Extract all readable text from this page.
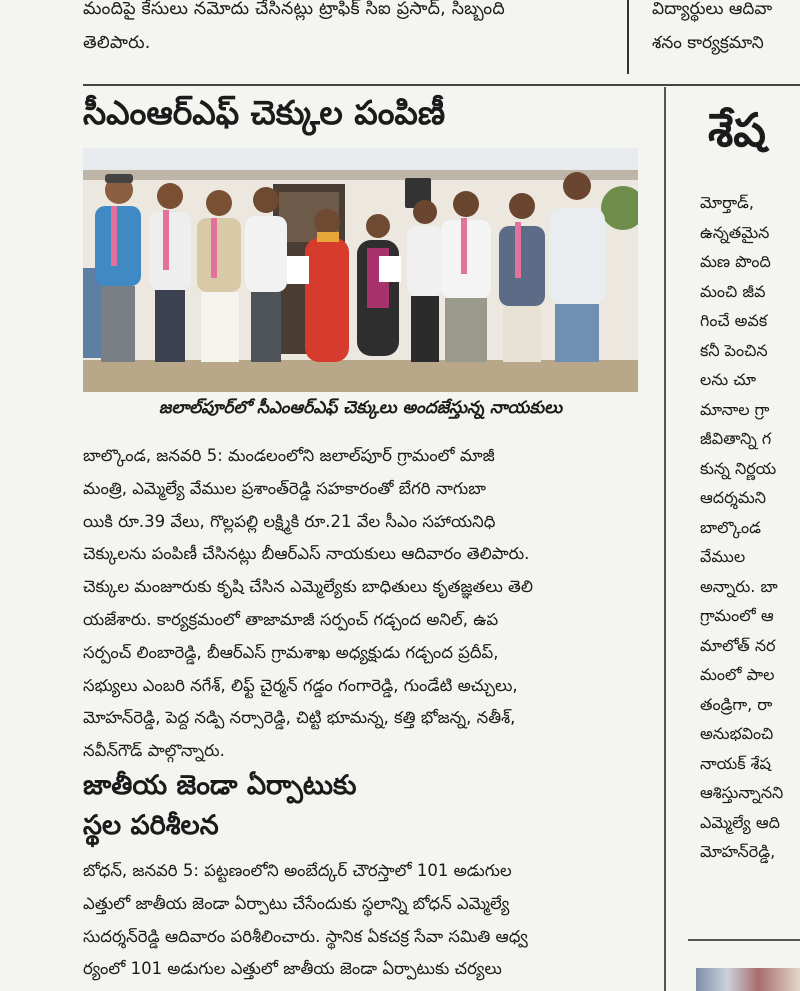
మందిపై కేసులు నమోదు చేసినట్లు ట్రాఫిక్ సిఐ ప్రసాద్, సిబ్బంది
తెలిపారు.
విద్యార్థులు ఆదివా
శనం కార్యక్రమాని
సీఎంఆర్ఎఫ్ చెక్కుల పంపిణీ
జలాల్‌పూర్‌లో సీఎంఆర్ఎఫ్ చెక్కులు అందజేస్తున్న నాయకులు
బాల్కొండ, జనవరి 5: మండలంలోని జలాల్‌పూర్ గ్రామంలో మాజీ
మంత్రి, ఎమ్మెల్యే వేముల ప్రశాంత్‌రెడ్డి సహకారంతో బేగరి నాగుబా
యికి రూ.39 వేలు, గొల్లపల్లి లక్ష్మికి రూ.21 వేల సీఎం సహాయనిధి
చెక్కులను పంపిణీ చేసినట్లు బీఆర్ఎస్ నాయకులు ఆదివారం తెలిపారు.
చెక్కుల మంజూరుకు కృషి చేసిన ఎమ్మెల్యేకు బాధితులు కృతజ్ఞతలు తెలి
యజేశారు. కార్యక్రమంలో తాజామాజీ సర్పంచ్ గడ్చంద అనిల్, ఉప
సర్పంచ్ లింబారెడ్డి, బీఆర్ఎస్ గ్రామశాఖ అధ్యక్షుడు గడ్చంద ప్రదీప్,
సభ్యులు ఎంబరి నగేశ్, లిఫ్ట్ చైర్మన్ గడ్డం గంగారెడ్డి, గుండేటి అచ్చులు,
మోహన్‌రెడ్డి, పెద్ద నడ్పి నర్సారెడ్డి, చిట్టి భూమన్న, కత్తి భోజన్న, నతీశ్,
నవీన్‌గౌడ్ పాల్గొన్నారు.
జాతీయ జెండా ఏర్పాటుకు
స్థల పరిశీలన
బోధన్, జనవరి 5: పట్టణంలోని అంబేద్కర్ చౌరస్తాలో 101 అడుగుల
ఎత్తులో జాతీయ జెండా ఏర్పాటు చేసేందుకు స్థలాన్ని బోధన్ ఎమ్మెల్యే
సుదర్శన్‌రెడ్డి ఆదివారం పరిశీలించారు. స్థానిక ఏకచక్ర సేవా సమితి ఆధ్వ
ర్యంలో 101 అడుగుల ఎత్తులో జాతీయ జెండా ఏర్పాటుకు చర్యలు
శేష
మోర్తాడ్,
ఉన్నతమైన
మణ పొంది
మంచి జీవ
గించే అవక
కనీ పెంచిన
లను చూ
మానాల గ్రా
జీవితాన్ని గ
కున్న నిర్ణయ
ఆదర్శమని
బాల్కొండ
వేముల
అన్నారు. బా
గ్రామంలో ఆ
మాలోత్ నర
మంలో పాల
తండ్రిగా, రా
అనుభవించి
నాయక్ శేష
ఆశిస్తున్నానని
ఎమ్మెల్యే ఆది
మోహన్‌రెడ్డి,
